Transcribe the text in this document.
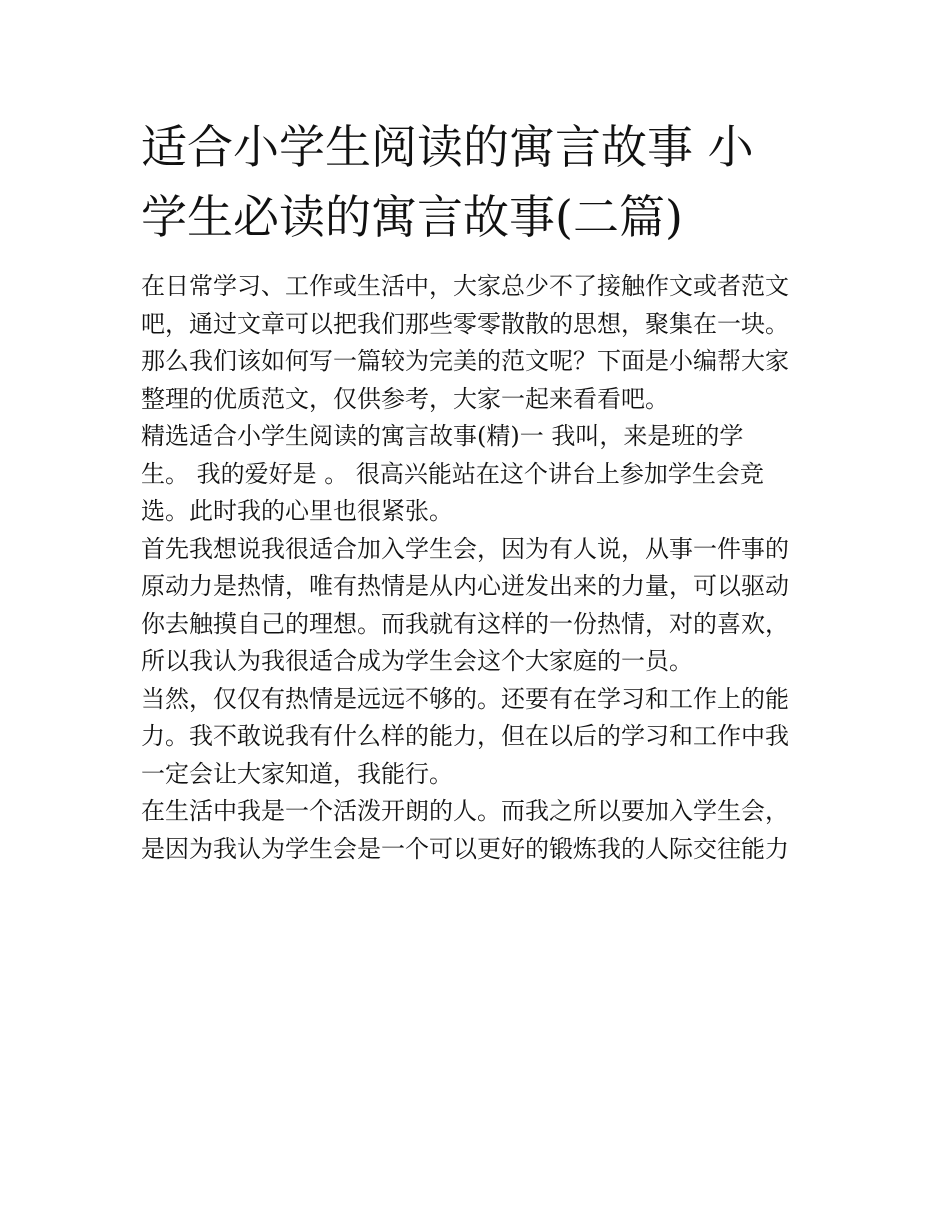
适合小学生阅读的寓言故事 小
学生必读的寓言故事(二篇)

在日常学习、工作或生活中，大家总少不了接触作文或者范文
吧，通过文章可以把我们那些零零散散的思想，聚集在一块。
那么我们该如何写一篇较为完美的范文呢？下面是小编帮大家
整理的优质范文，仅供参考，大家一起来看看吧。

精选适合小学生阅读的寓言故事(精)一 我叫，来是班的学
生。 我的爱好是 。 很高兴能站在这个讲台上参加学生会竞
选。此时我的心里也很紧张。

首先我想说我很适合加入学生会，因为有人说，从事一件事的
原动力是热情，唯有热情是从内心迸发出来的力量，可以驱动
你去触摸自己的理想。而我就有这样的一份热情，对的喜欢，
所以我认为我很适合成为学生会这个大家庭的一员。

当然，仅仅有热情是远远不够的。还要有在学习和工作上的能
力。我不敢说我有什么样的能力，但在以后的学习和工作中我
一定会让大家知道，我能行。

在生活中我是一个活泼开朗的人。而我之所以要加入学生会，
是因为我认为学生会是一个可以更好的锻炼我的人际交往能力
